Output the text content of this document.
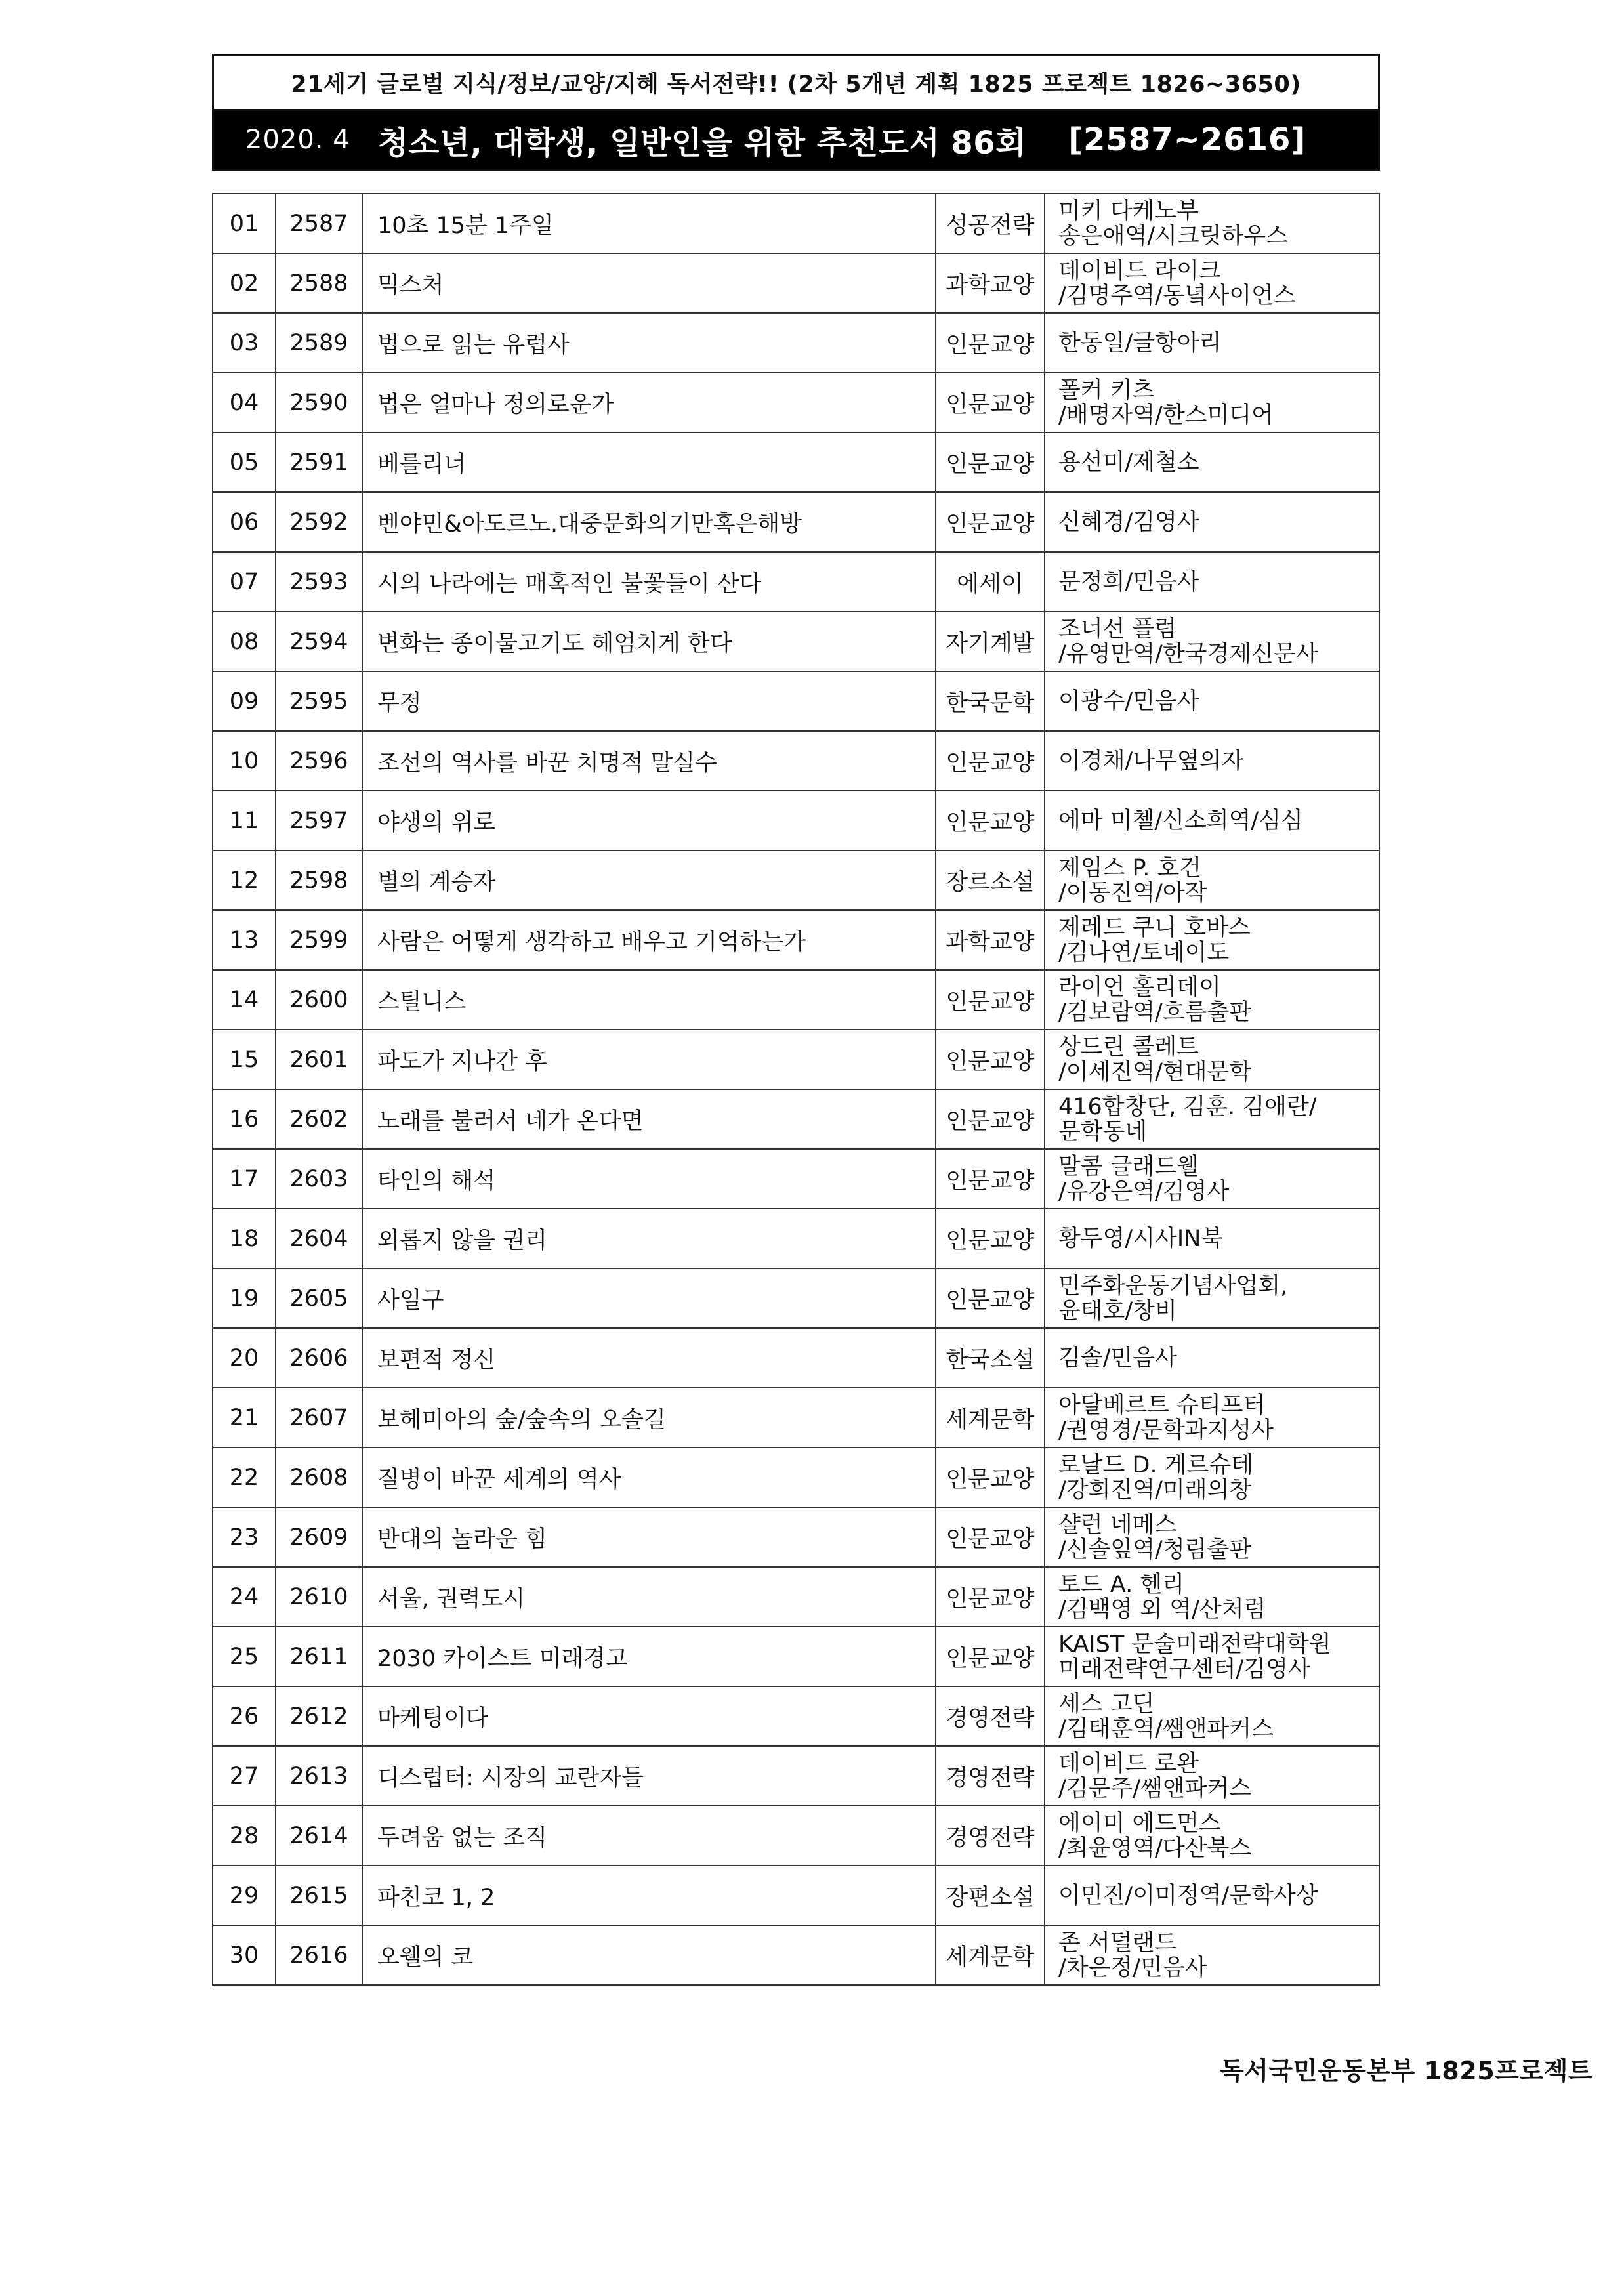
21세기 글로벌 지식/정보/교양/지혜 독서전략!! (2차 5개년 계획 1825 프로젝트 1826~3650)
2020. 4 청소년, 대학생, 일반인을 위한 추천도서 86회 [2587~2616]
01	2587	10초 15분 1주일	성공전략	미키 다케노부
송은애역/시크릿하우스
02	2588	믹스처	과학교양	데이비드 라이크
/김명주역/동녘사이언스
03	2589	법으로 읽는 유럽사	인문교양	한동일/글항아리
04	2590	법은 얼마나 정의로운가	인문교양	폴커 키츠
/배명자역/한스미디어
05	2591	베를리너	인문교양	용선미/제철소
06	2592	벤야민&아도르노.대중문화의기만혹은해방	인문교양	신혜경/김영사
07	2593	시의 나라에는 매혹적인 불꽃들이 산다	에세이	문정희/민음사
08	2594	변화는 종이물고기도 헤엄치게 한다	자기계발	조너선 플럼
/유영만역/한국경제신문사
09	2595	무정	한국문학	이광수/민음사
10	2596	조선의 역사를 바꾼 치명적 말실수	인문교양	이경채/나무옆의자
11	2597	야생의 위로	인문교양	에마 미첼/신소희역/심심
12	2598	별의 계승자	장르소설	제임스 P. 호건
/이동진역/아작
13	2599	사람은 어떻게 생각하고 배우고 기억하는가	과학교양	제레드 쿠니 호바스
/김나연/토네이도
14	2600	스틸니스	인문교양	라이언 홀리데이
/김보람역/흐름출판
15	2601	파도가 지나간 후	인문교양	상드린 콜레트
/이세진역/현대문학
16	2602	노래를 불러서 네가 온다면	인문교양	416합창단, 김훈. 김애란/
문학동네
17	2603	타인의 해석	인문교양	말콤 글래드웰
/유강은역/김영사
18	2604	외롭지 않을 권리	인문교양	황두영/시사IN북
19	2605	사일구	인문교양	민주화운동기념사업회,
윤태호/창비
20	2606	보편적 정신	한국소설	김솔/민음사
21	2607	보헤미아의 숲/숲속의 오솔길	세계문학	아달베르트 슈티프터
/권영경/문학과지성사
22	2608	질병이 바꾼 세계의 역사	인문교양	로날드 D. 게르슈테
/강희진역/미래의창
23	2609	반대의 놀라운 힘	인문교양	샬런 네메스
/신솔잎역/청림출판
24	2610	서울, 권력도시	인문교양	토드 A. 헨리
/김백영 외 역/산처럼
25	2611	2030 카이스트 미래경고	인문교양	KAIST 문술미래전략대학원
미래전략연구센터/김영사
26	2612	마케팅이다	경영전략	세스 고딘
/김태훈역/쌤앤파커스
27	2613	디스럽터: 시장의 교란자들	경영전략	데이비드 로완
/김문주/쌤앤파커스
28	2614	두려움 없는 조직	경영전략	에이미 에드먼스
/최윤영역/다산북스
29	2615	파친코 1, 2	장편소설	이민진/이미정역/문학사상
30	2616	오웰의 코	세계문학	존 서덜랜드
/차은정/민음사
독서국민운동본부 1825프로젝트
